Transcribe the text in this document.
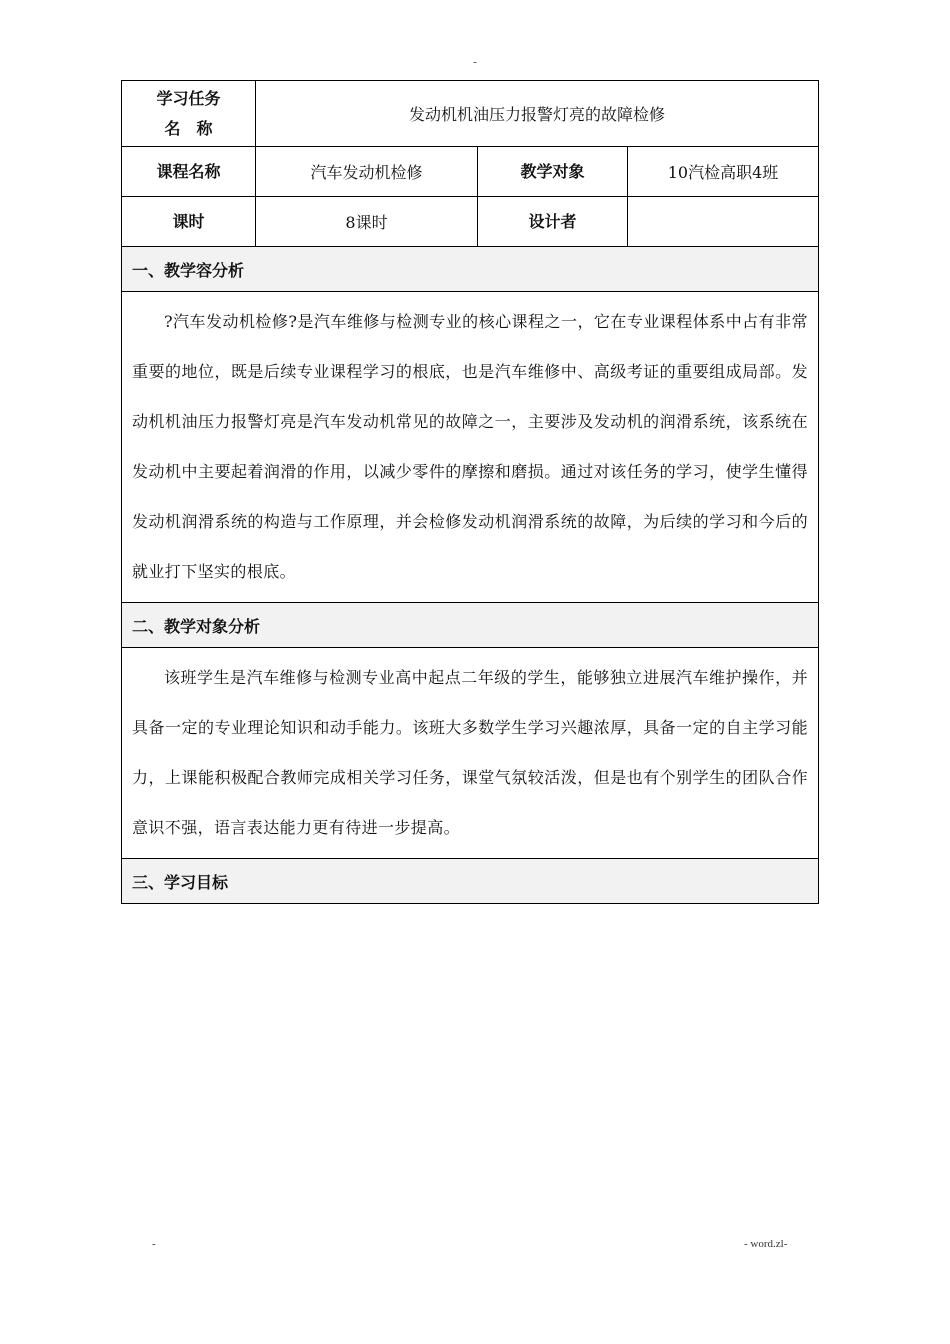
-
学习任务
名　称	发动机机油压力报警灯亮的故障检修		
课程名称	汽车发动机检修	教学对象	10汽检高职4班
课时	8课时	设计者	
一、教学容分析			
?汽车发动机检修?是汽车维修与检测专业的核心课程之一，它在专业课程体系中占有非常重要的地位，既是后续专业课程学习的根底，也是汽车维修中、高级考证的重要组成局部。发动机机油压力报警灯亮是汽车发动机常见的故障之一，主要涉及发动机的润滑系统，该系统在发动机中主要起着润滑的作用，以减少零件的摩擦和磨损。通过对该任务的学习，使学生懂得发动机润滑系统的构造与工作原理，并会检修发动机润滑系统的故障，为后续的学习和今后的就业打下坚实的根底。			
二、教学对象分析			
该班学生是汽车维修与检测专业高中起点二年级的学生，能够独立进展汽车维护操作，并具备一定的专业理论知识和动手能力。该班大多数学生学习兴趣浓厚，具备一定的自主学习能力，上课能积极配合教师完成相关学习任务，课堂气氛较活泼，但是也有个别学生的团队合作意识不强，语言表达能力更有待进一步提高。			
三、学习目标			
-	- word.zl-
